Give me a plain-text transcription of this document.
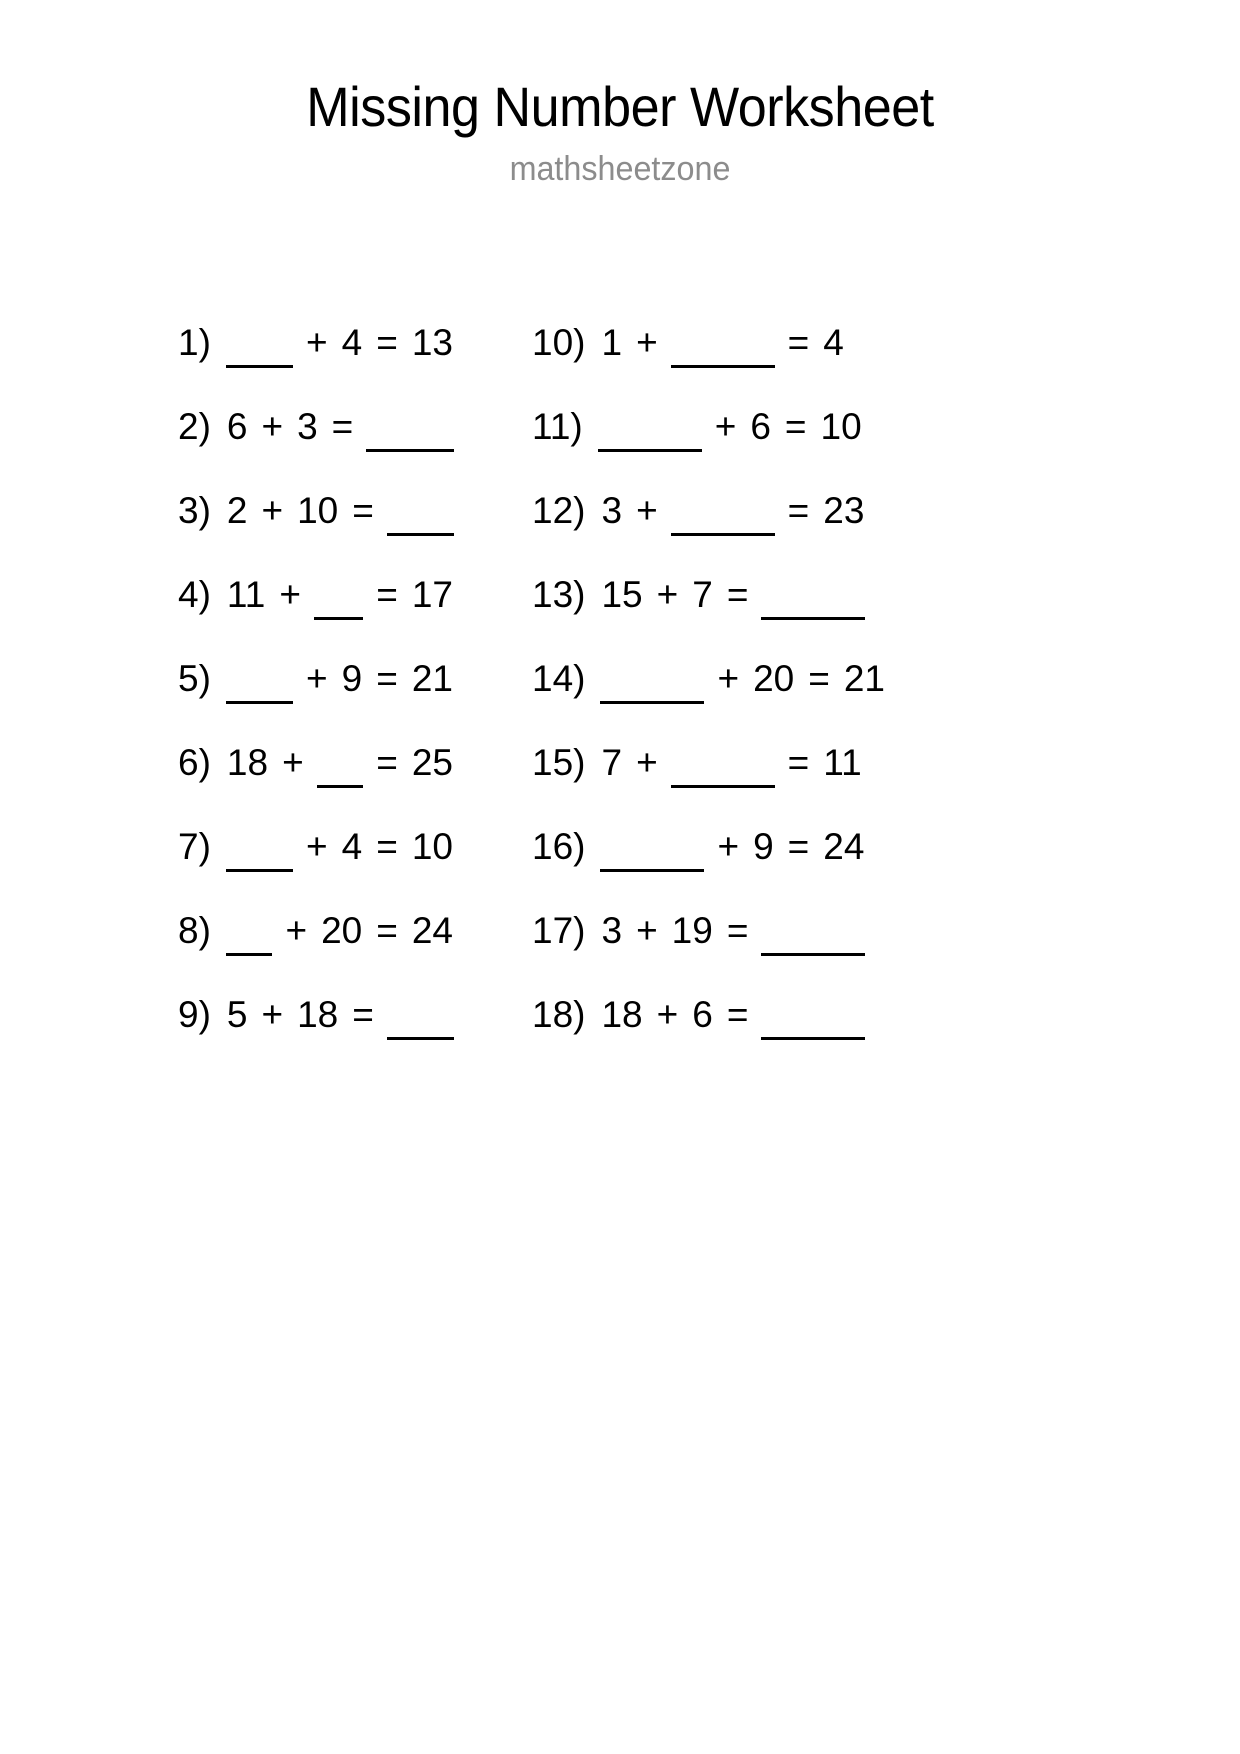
Missing Number Worksheet
mathsheetzone
1)	+ 4 = 13
2) 6 + 3 =
3) 2 + 10 =
4) 11 + = 17
5)	+ 9 = 21
6) 18 + = 25
7)	+ 4 = 10
8) + 20 = 24
9) 5 + 18 =
10) 1 +	= 4
11)	+ 6 = 10
12) 3 +	= 23
13) 15 + 7 =
14)	+ 20 = 21
15) 7 +	= 11
16)	+ 9 = 24
17) 3 + 19 =
18) 18 + 6 =
